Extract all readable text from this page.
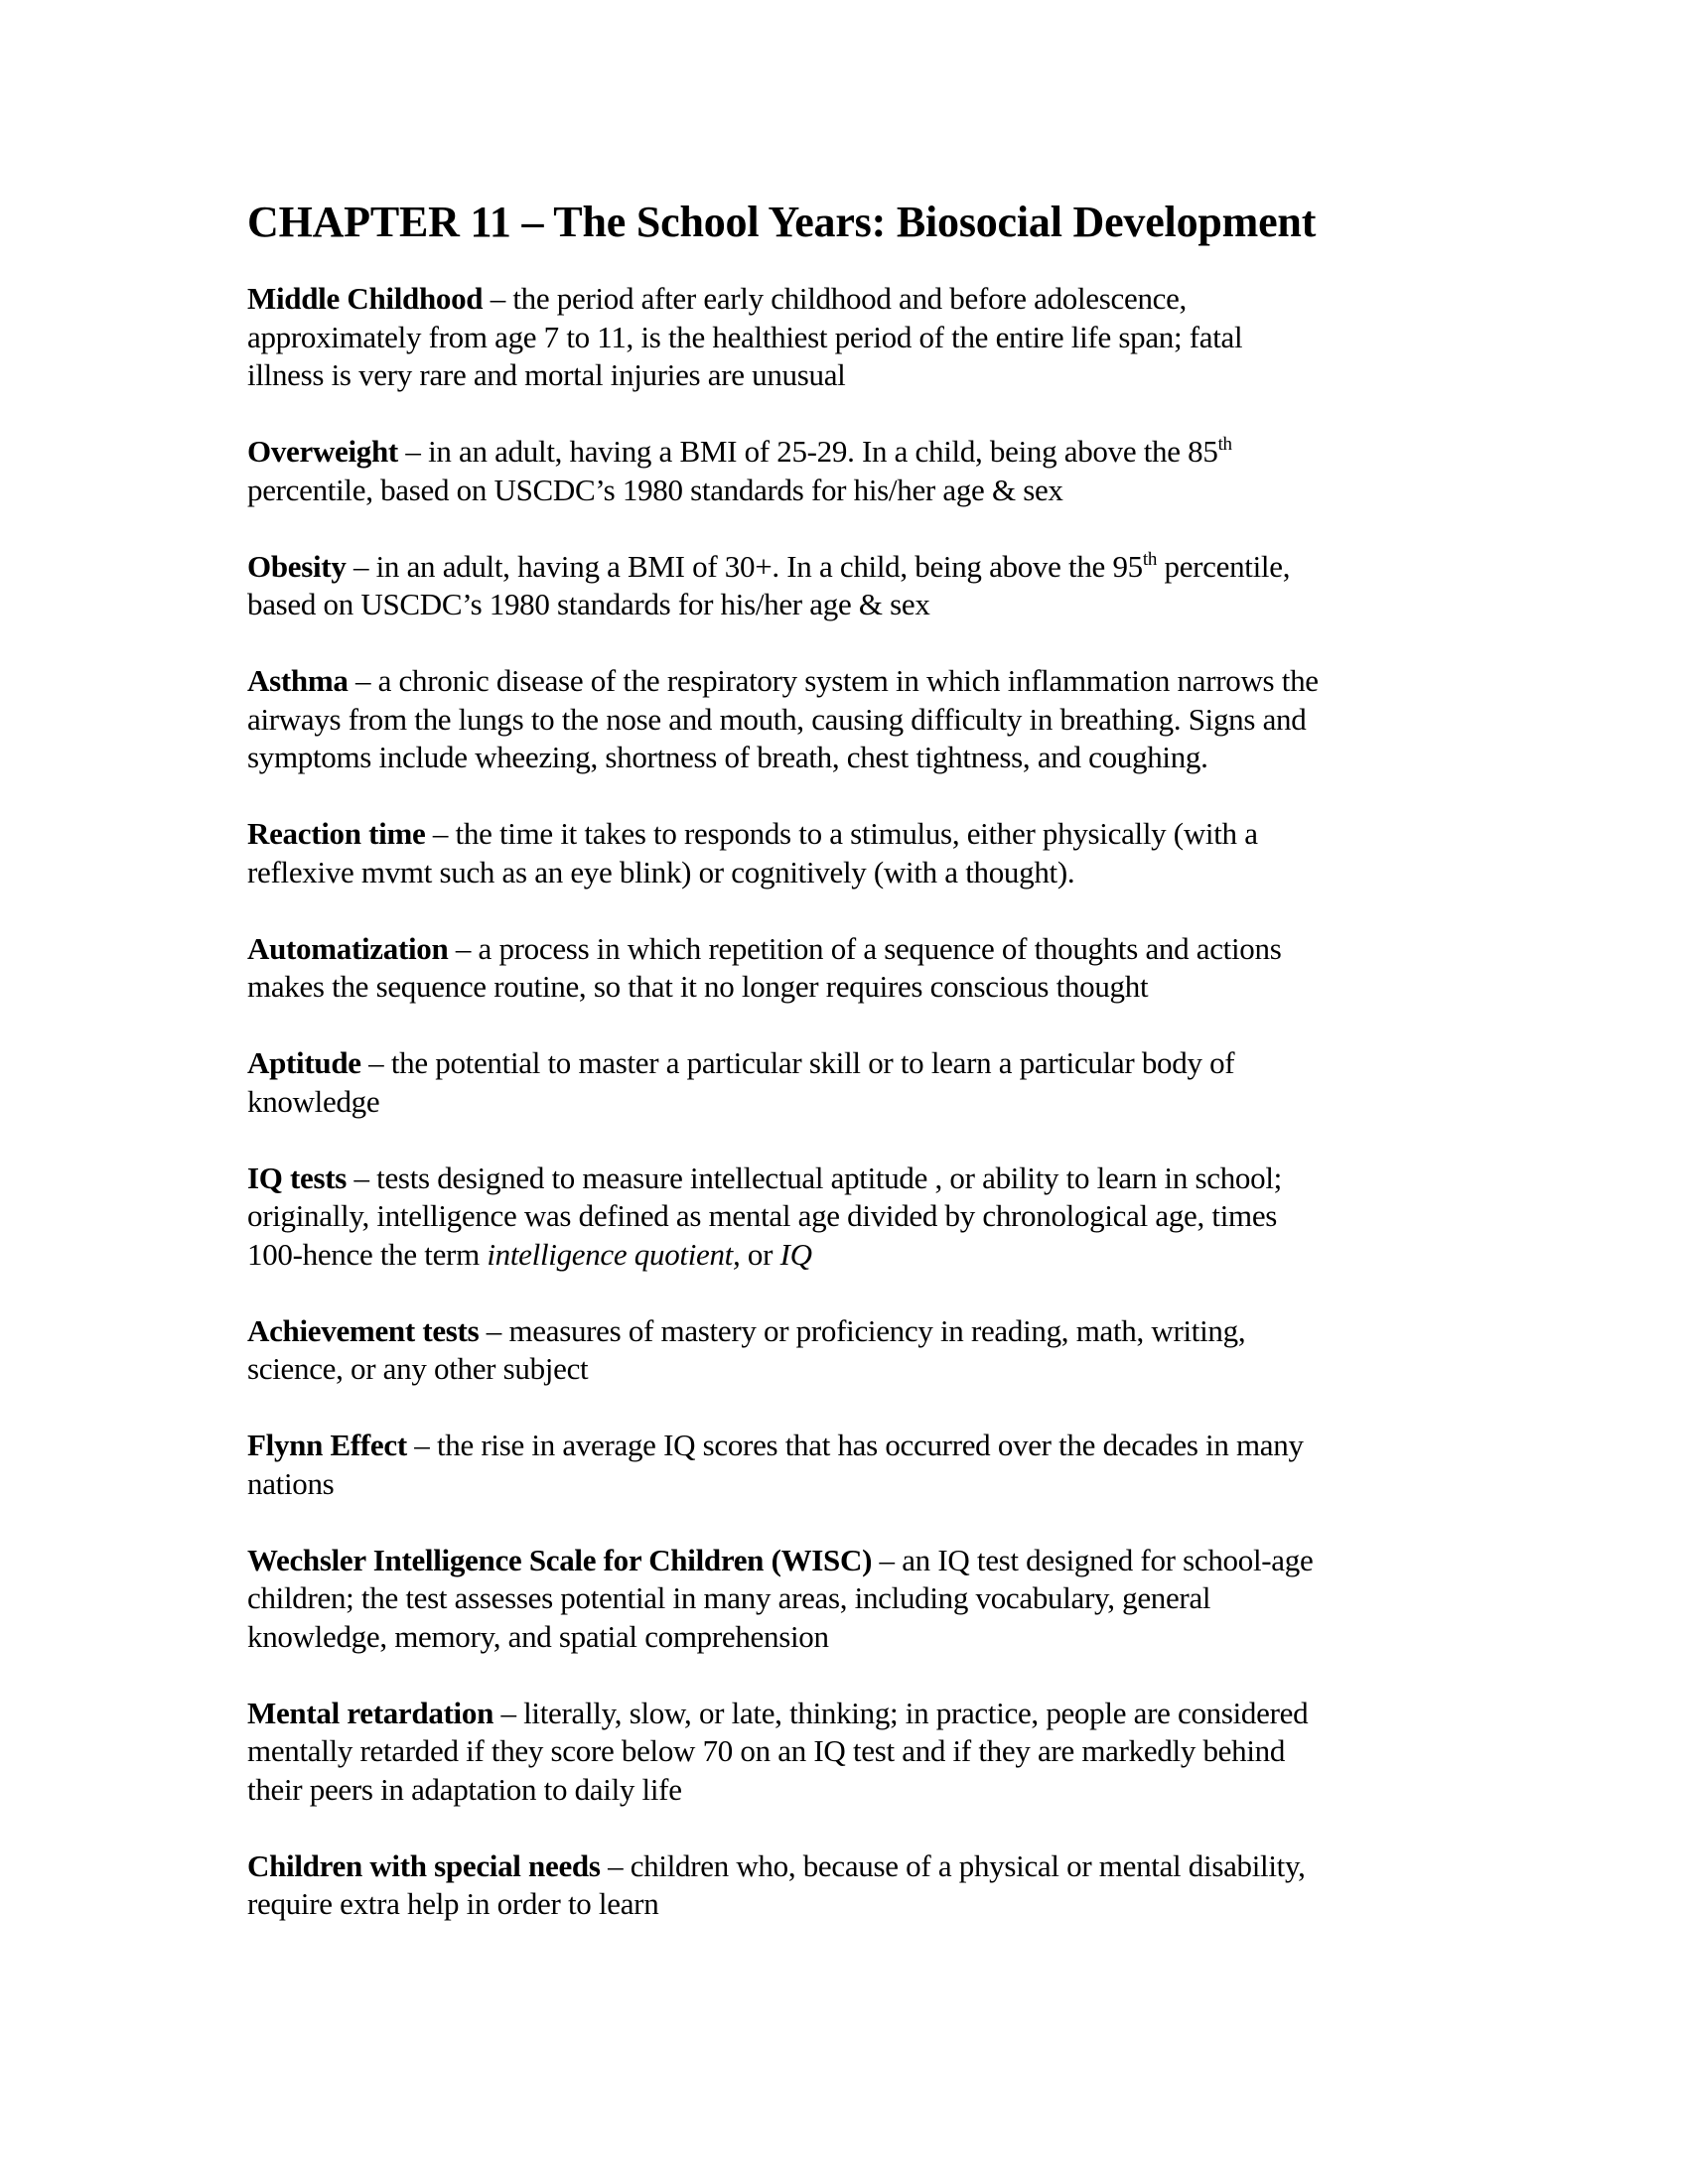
CHAPTER 11 – The School Years: Biosocial Development

Middle Childhood – the period after early childhood and before adolescence,
approximately from age 7 to 11, is the healthiest period of the entire life span; fatal
illness is very rare and mortal injuries are unusual

Overweight – in an adult, having a BMI of 25-29. In a child, being above the 85th
percentile, based on USCDC’s 1980 standards for his/her age & sex

Obesity – in an adult, having a BMI of 30+. In a child, being above the 95th percentile,
based on USCDC’s 1980 standards for his/her age & sex

Asthma – a chronic disease of the respiratory system in which inflammation narrows the
airways from the lungs to the nose and mouth, causing difficulty in breathing. Signs and
symptoms include wheezing, shortness of breath, chest tightness, and coughing.

Reaction time – the time it takes to responds to a stimulus, either physically (with a
reflexive mvmt such as an eye blink) or cognitively (with a thought).

Automatization – a process in which repetition of a sequence of thoughts and actions
makes the sequence routine, so that it no longer requires conscious thought

Aptitude – the potential to master a particular skill or to learn a particular body of
knowledge

IQ tests – tests designed to measure intellectual aptitude , or ability to learn in school;
originally, intelligence was defined as mental age divided by chronological age, times
100-hence the term intelligence quotient, or IQ

Achievement tests – measures of mastery or proficiency in reading, math, writing,
science, or any other subject

Flynn Effect – the rise in average IQ scores that has occurred over the decades in many
nations

Wechsler Intelligence Scale for Children (WISC) – an IQ test designed for school-age
children; the test assesses potential in many areas, including vocabulary, general
knowledge, memory, and spatial comprehension

Mental retardation – literally, slow, or late, thinking; in practice, people are considered
mentally retarded if they score below 70 on an IQ test and if they are markedly behind
their peers in adaptation to daily life

Children with special needs – children who, because of a physical or mental disability,
require extra help in order to learn
